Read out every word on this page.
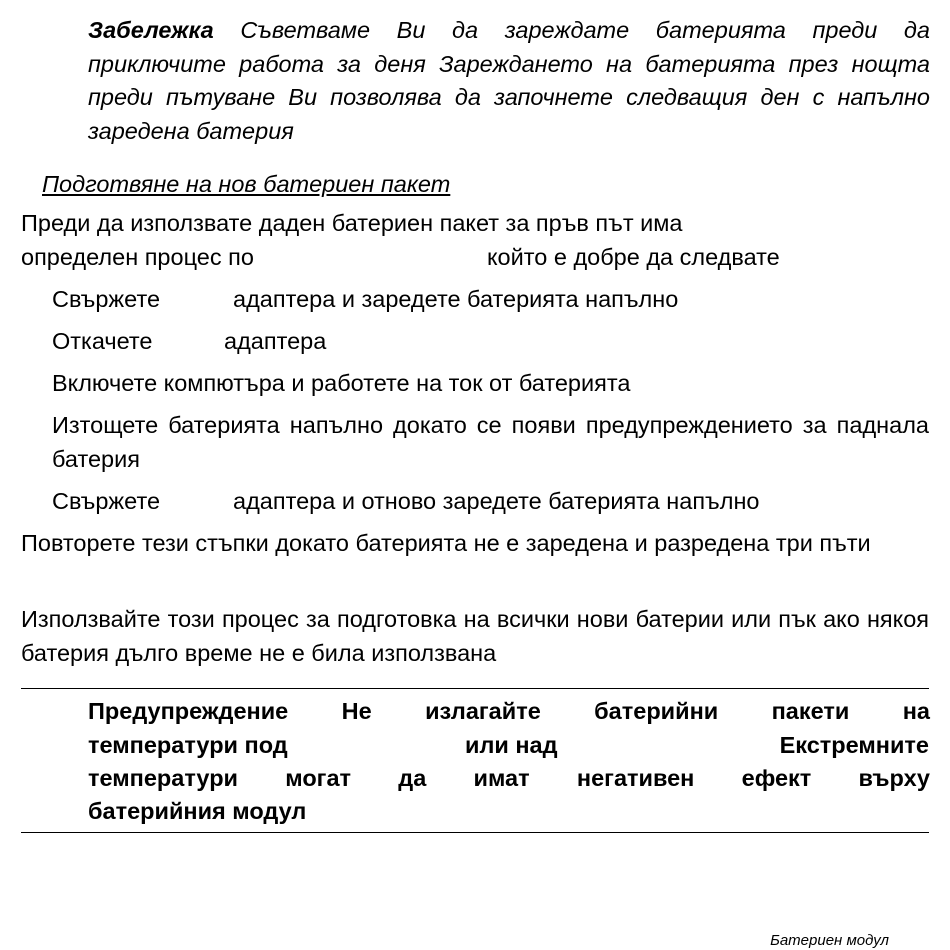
Забележка Съветваме Ви да зареждате батерията преди да приключите работа за деня Зареждането на батерията през нощта преди пътуване Ви позволява да започнете следващия ден с напълно заредена батерия
Подготвяне на нов батериен пакет
Преди да използвате даден батериен пакет за пръв път има
определен процес по	който е добре да следвате
Свържете	адаптера и заредете батерията напълно
Откачете	адаптера
Включете компютъра и работете на ток от батерията
Изтощете батерията напълно докато се появи предупреждението за паднала батерия
Свържете	адаптера и отново заредете батерията напълно
Повторете тези стъпки докато батерията не е заредена и разредена три пъти
Използвайте този процес за подготовка на всички нови батерии или пък ако някоя батерия дълго време не е била използвана
Предупреждение Не излагайте батерийни пакети на
температури под	или над	Екстремните
температури могат да имат негативен ефект върху
батерийния модул
Батериен модул
